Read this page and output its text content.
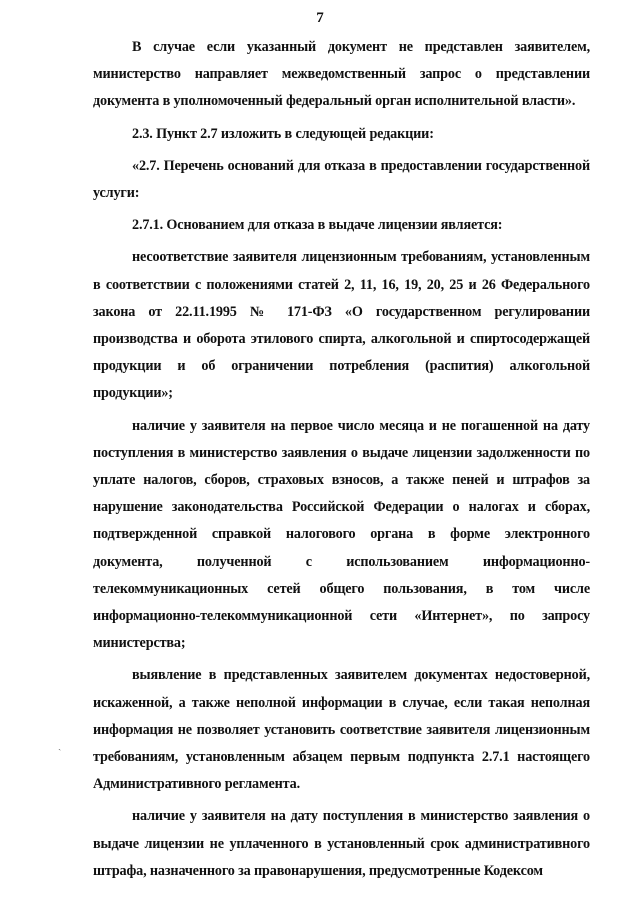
7

В случае если указанный документ не представлен заявителем, министерство направляет межведомственный запрос о представлении документа в уполномоченный федеральный орган исполнительной власти».

2.3. Пункт 2.7 изложить в следующей редакции:

«2.7. Перечень оснований для отказа в предоставлении государственной услуги:

2.7.1. Основанием для отказа в выдаче лицензии является:

несоответствие заявителя лицензионным требованиям, установленным в соответствии с положениями статей 2, 11, 16, 19, 20, 25 и 26 Федерального закона от 22.11.1995 № 171-ФЗ «О государственном регулировании производства и оборота этилового спирта, алкогольной и спиртосодержащей продукции и об ограничении потребления (распития) алкогольной продукции»;

наличие у заявителя на первое число месяца и не погашенной на дату поступления в министерство заявления о выдаче лицензии задолженности по уплате налогов, сборов, страховых взносов, а также пеней и штрафов за нарушение законодательства Российской Федерации о налогах и сборах, подтвержденной справкой налогового органа в форме электронного документа, полученной с использованием информационно-телекоммуникационных сетей общего пользования, в том числе информационно-телекоммуникационной сети «Интернет», по запросу министерства;

выявление в представленных заявителем документах недостоверной, искаженной, а также неполной информации в случае, если такая неполная информация не позволяет установить соответствие заявителя лицензионным требованиям, установленным абзацем первым подпункта 2.7.1 настоящего Административного регламента.

наличие у заявителя на дату поступления в министерство заявления о выдаче лицензии не уплаченного в установленный срок административного штрафа, назначенного за правонарушения, предусмотренные Кодексом

ˏ
